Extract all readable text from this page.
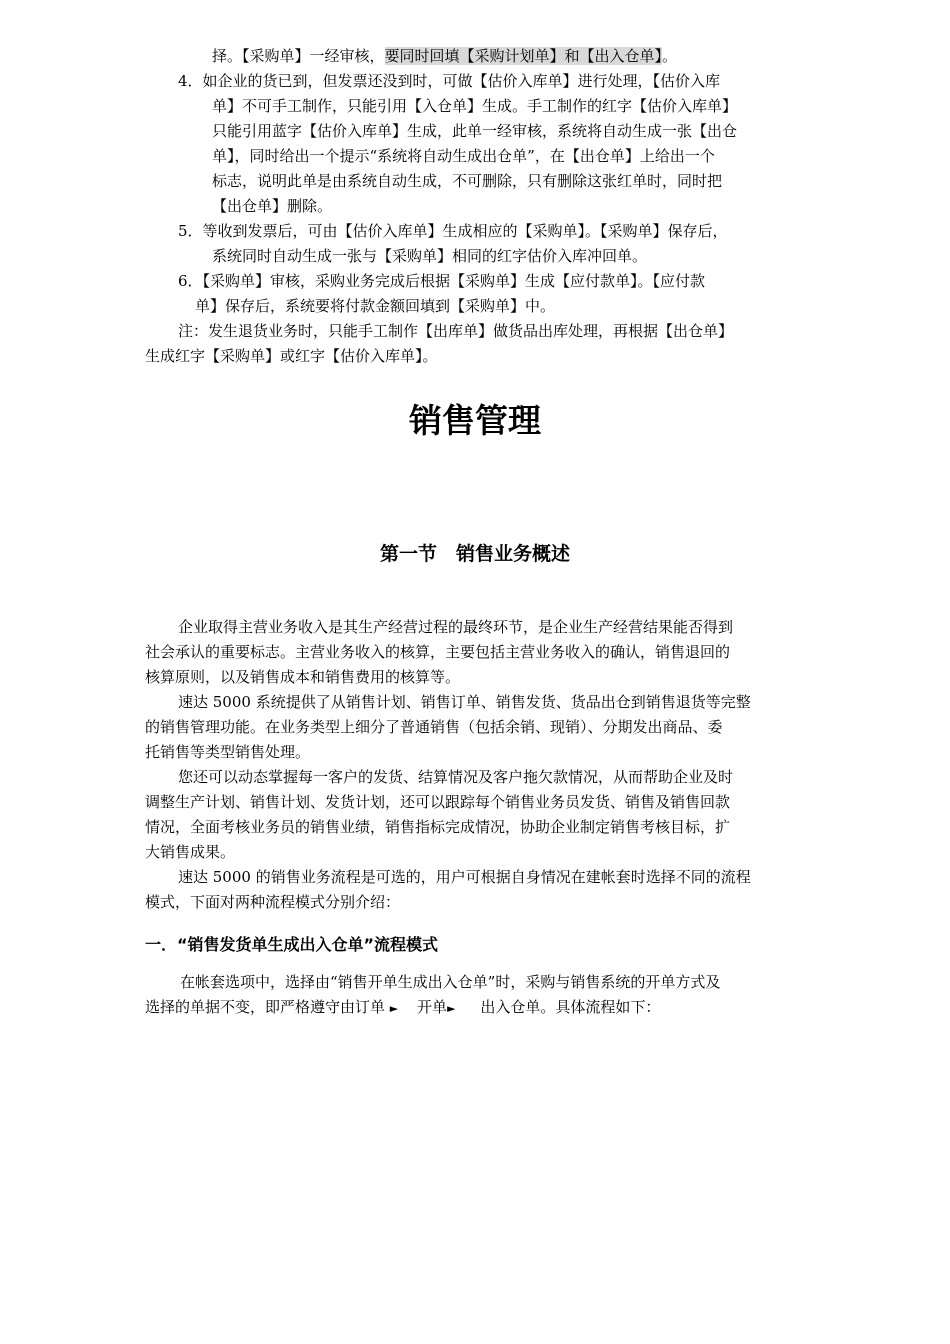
择。【采购单】一经审核，要同时回填【采购计划单】和【出入仓单】。
4．如企业的货已到，但发票还没到时，可做【估价入库单】进行处理，【估价入库
单】不可手工制作，只能引用【入仓单】生成。手工制作的红字【估价入库单】
只能引用蓝字【估价入库单】生成，此单一经审核，系统将自动生成一张【出仓
单】，同时给出一个提示“系统将自动生成出仓单”，在【出仓单】上给出一个
标志，说明此单是由系统自动生成，不可删除，只有删除这张红单时，同时把
【出仓单】删除。
5．等收到发票后，可由【估价入库单】生成相应的【采购单】。【采购单】保存后，
系统同时自动生成一张与【采购单】相同的红字估价入库冲回单。
6．【采购单】审核，采购业务完成后根据【采购单】生成【应付款单】。【应付款
单】保存后，系统要将付款金额回填到【采购单】中。
注：发生退货业务时，只能手工制作【出库单】做货品出库处理，再根据【出仓单】
生成红字【采购单】或红字【估价入库单】。
销售管理
第一节　销售业务概述
企业取得主营业务收入是其生产经营过程的最终环节，是企业生产经营结果能否得到
社会承认的重要标志。主营业务收入的核算，主要包括主营业务收入的确认，销售退回的
核算原则，以及销售成本和销售费用的核算等。
速达 5000 系统提供了从销售计划、销售订单、销售发货、货品出仓到销售退货等完整
的销售管理功能。在业务类型上细分了普通销售（包括余销、现销）、分期发出商品、委
托销售等类型销售处理。
您还可以动态掌握每一客户的发货、结算情况及客户拖欠款情况，从而帮助企业及时
调整生产计划、销售计划、发货计划，还可以跟踪每个销售业务员发货、销售及销售回款
情况，全面考核业务员的销售业绩，销售指标完成情况，协助企业制定销售考核目标，扩
大销售成果。
速达 5000 的销售业务流程是可选的，用户可根据自身情况在建帐套时选择不同的流程
模式，下面对两种流程模式分别介绍：
一．“销售发货单生成出入仓单”流程模式
在帐套选项中，选择由“销售开单生成出入仓单”时，采购与销售系统的开单方式及
选择的单据不变，即严格遵守由订单 ► 开单► 出入仓单。具体流程如下：
